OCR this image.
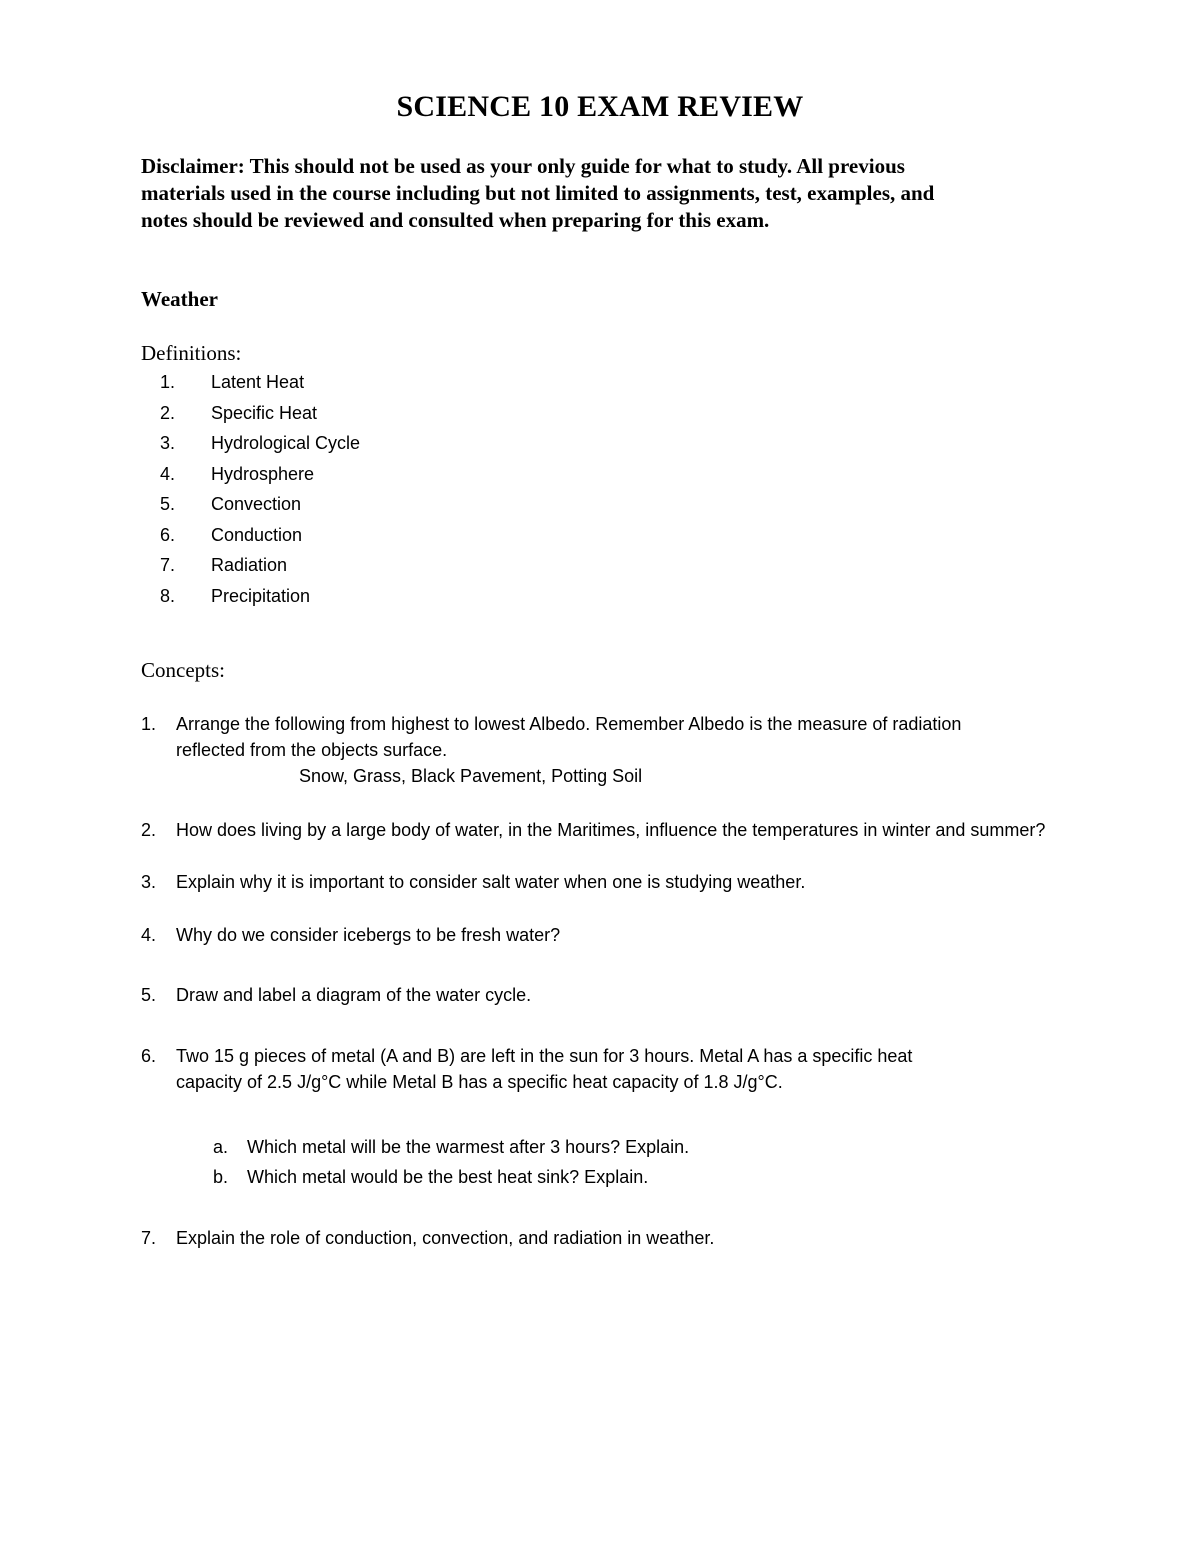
SCIENCE 10 EXAM REVIEW

Disclaimer: This should not be used as your only guide for what to study. All previous

materials used in the course including but not limited to assignments, test, examples, and

notes should be reviewed and consulted when preparing for this exam.

Weather
Definitions:
1. Latent Heat
2. Specific Heat
3. Hydrological Cycle
4. Hydrosphere
5. Convection
6. Conduction
7. Radiation
8. Precipitation
Concepts:
1. Arrange the following from highest to lowest Albedo. Remember Albedo is the measure of radiation
reflected from the objects surface.
Snow, Grass, Black Pavement, Potting Soil
2. How does living by a large body of water, in the Maritimes, influence the temperatures in winter and summer?
3. Explain why it is important to consider salt water when one is studying weather.
4. Why do we consider icebergs to be fresh water?
5. Draw and label a diagram of the water cycle.
6. Two 15 g pieces of metal (A and B) are left in the sun for 3 hours. Metal A has a specific heat
capacity of 2.5 J/g°C while Metal B has a specific heat capacity of 1.8 J/g°C.
a. Which metal will be the warmest after 3 hours? Explain.
b. Which metal would be the best heat sink? Explain.
7. Explain the role of conduction, convection, and radiation in weather.
